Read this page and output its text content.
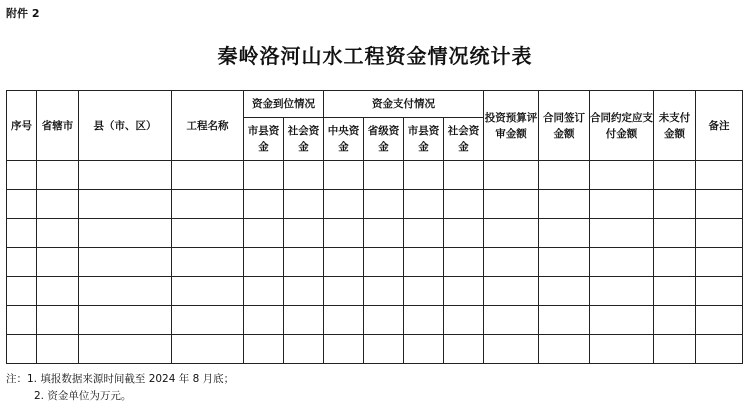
附件 2
秦岭洛河山水工程资金情况统计表
序号	省辖市	县（市、区）	工程名称	资金到位情况		资金支付情况				投资预算评审金额	合同签订金额	合同约定应支付金额	未支付金额	备注
				市县资金	社会资金	中央资金	省级资金	市县资金	社会资金					

注：1. 填报数据来源时间截至 2024 年 8 月底；
2. 资金单位为万元。
